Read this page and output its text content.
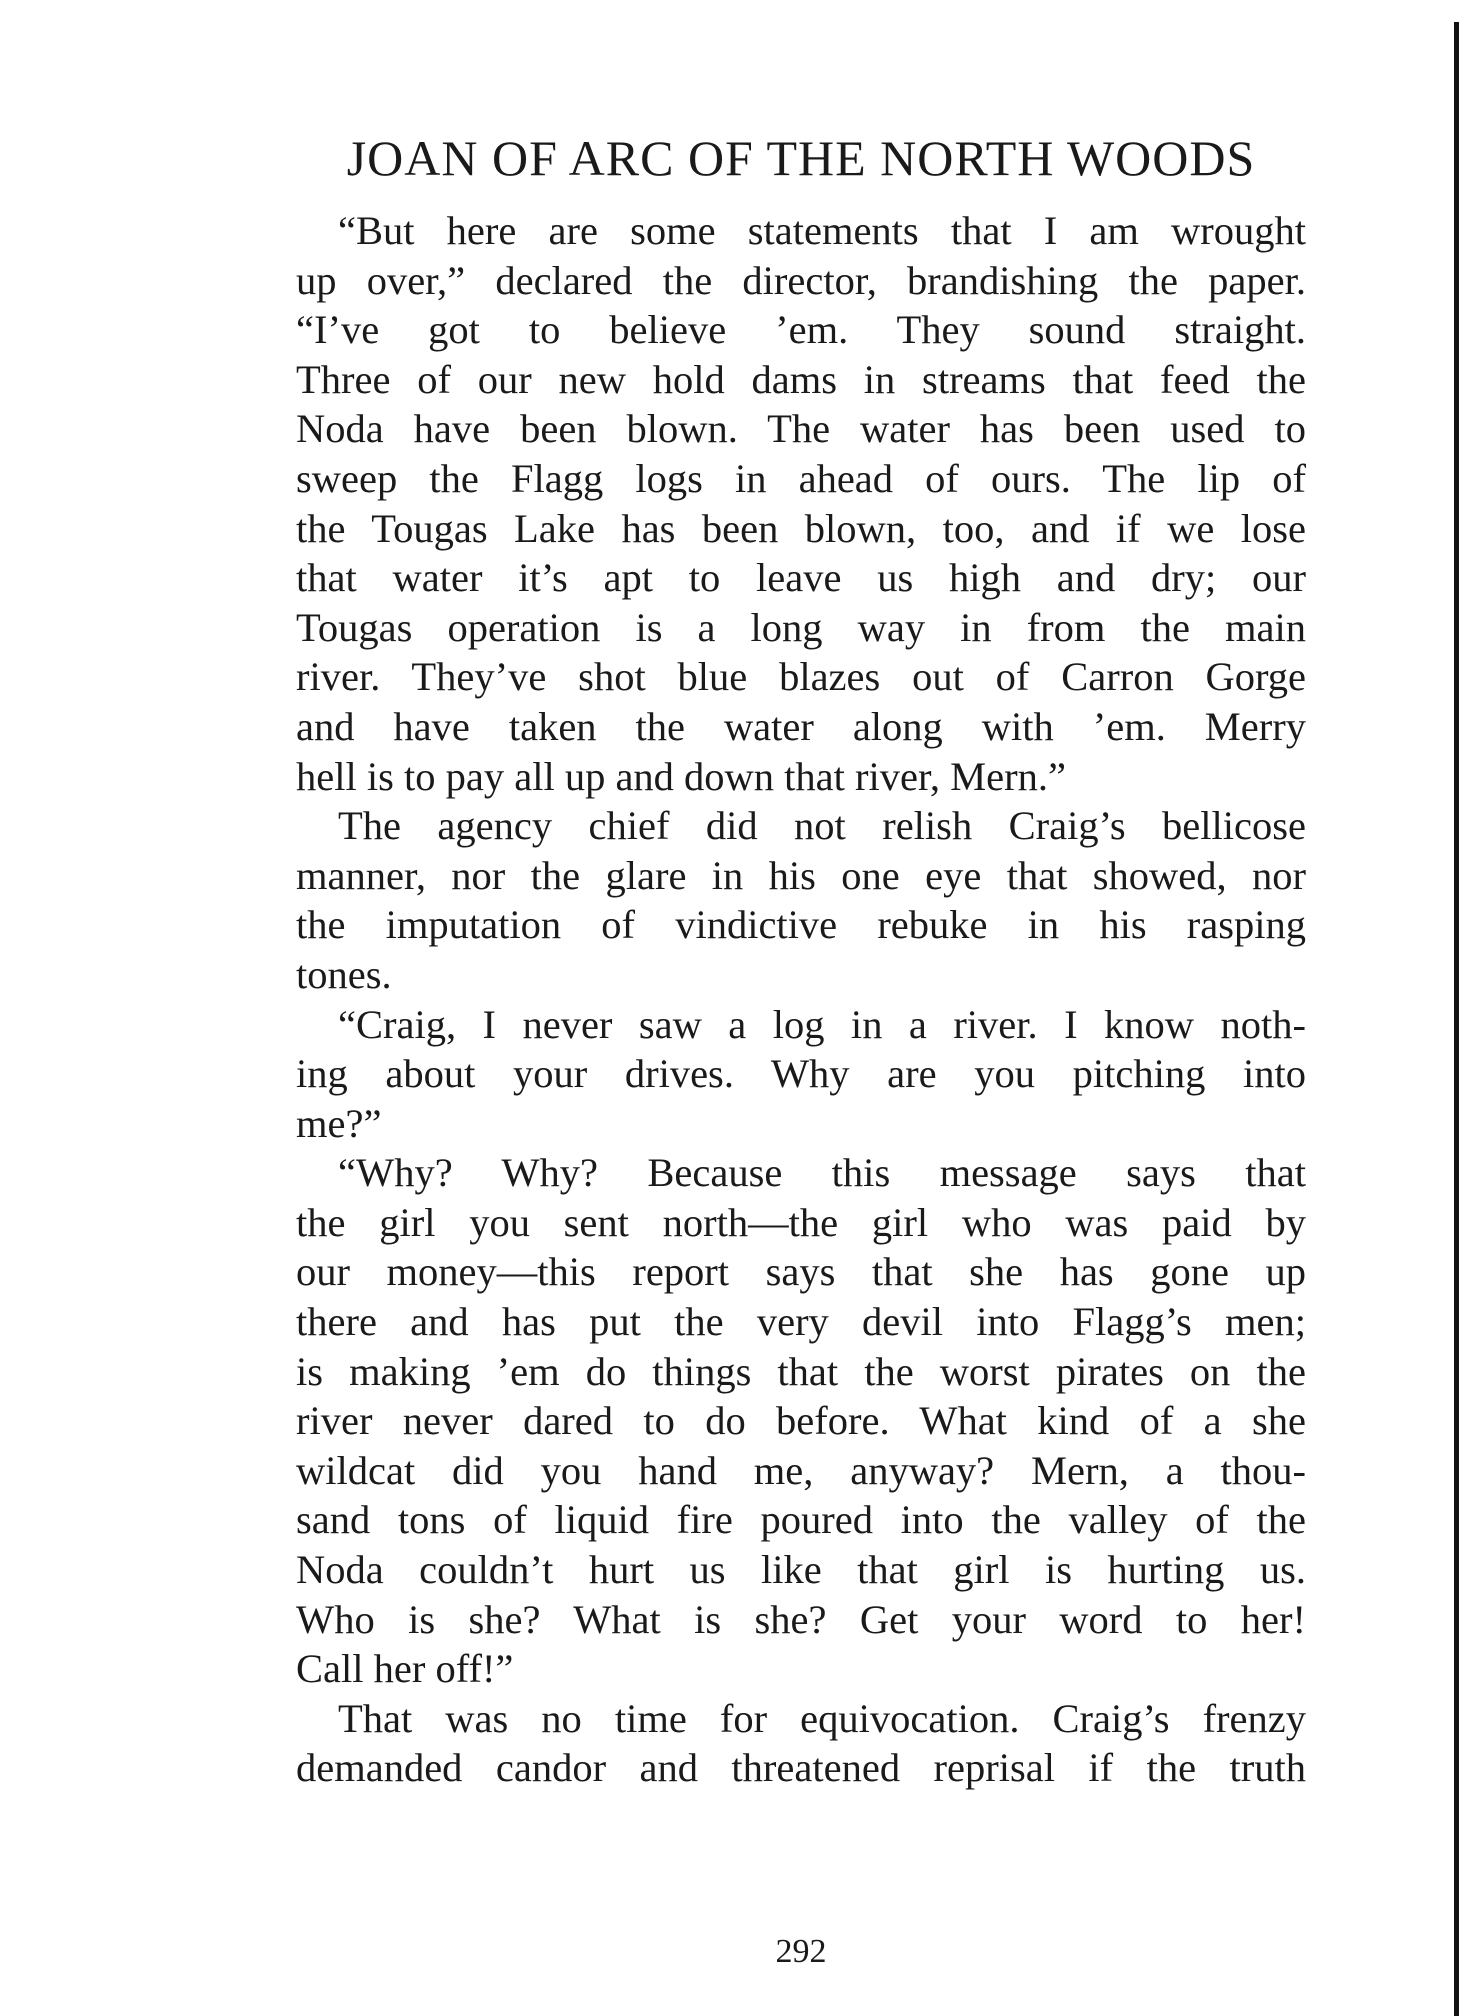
JOAN OF ARC OF THE NORTH WOODS
“But here are some statements that I am wrought
up over,” declared the director, brandishing the paper.
“I’ve got to believe ’em. They sound straight.
Three of our new hold dams in streams that feed the
Noda have been blown. The water has been used to
sweep the Flagg logs in ahead of ours. The lip of
the Tougas Lake has been blown, too, and if we lose
that water it’s apt to leave us high and dry; our
Tougas operation is a long way in from the main
river. They’ve shot blue blazes out of Carron Gorge
and have taken the water along with ’em. Merry
hell is to pay all up and down that river, Mern.”
The agency chief did not relish Craig’s bellicose
manner, nor the glare in his one eye that showed, nor
the imputation of vindictive rebuke in his rasping
tones.
“Craig, I never saw a log in a river. I know noth-
ing about your drives. Why are you pitching into
me?”
“Why? Why? Because this message says that
the girl you sent north—the girl who was paid by
our money—this report says that she has gone up
there and has put the very devil into Flagg’s men;
is making ’em do things that the worst pirates on the
river never dared to do before. What kind of a she
wildcat did you hand me, anyway? Mern, a thou-
sand tons of liquid fire poured into the valley of the
Noda couldn’t hurt us like that girl is hurting us.
Who is she? What is she? Get your word to her!
Call her off!”
That was no time for equivocation. Craig’s frenzy
demanded candor and threatened reprisal if the truth
292
